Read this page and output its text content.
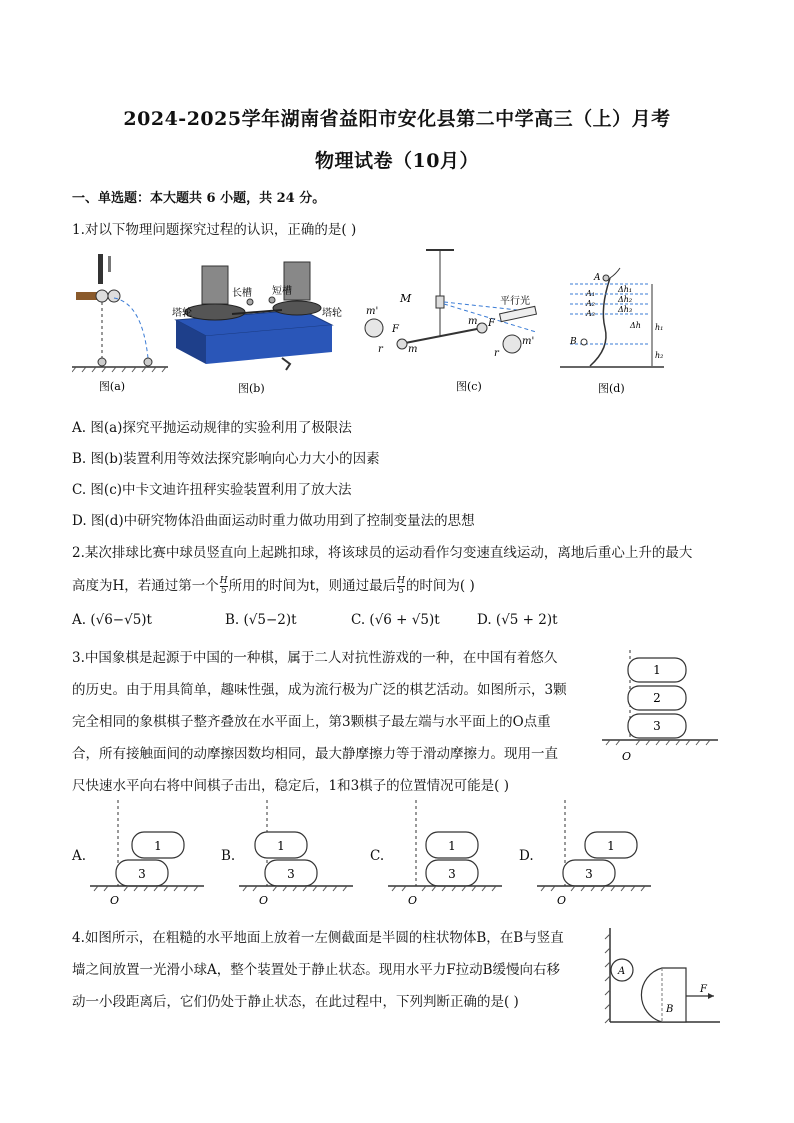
2024-2025学年湖南省益阳市安化县第二中学高三（上）月考
物理试卷（10月）
一、单选题：本大题共 6 小题，共 24 分。
1.对以下物理问题探究过程的认识，正确的是( )
图(a)
塔轮
长槽 短槽
塔轮
图(b)
M	平行光
m'
m'
F
F
r	r
m
m
图(c)
A
A₁
A₂
A₃
B
Δh₁
Δh₂
Δh₃
Δh h₁
h₂
图(d)
A. 图(a)探究平抛运动规律的实验利用了极限法
B. 图(b)装置利用等效法探究影响向心力大小的因素
C. 图(c)中卡文迪许扭秤实验装置利用了放大法
D. 图(d)中研究物体沿曲面运动时重力做功用到了控制变量法的思想
2.某次排球比赛中球员竖直向上起跳扣球，将该球员的运动看作匀变速直线运动，离地后重心上升的最大
高度为H，若通过第一个 $\frac{H}{5}$ 所用的时间为t，则通过最后 $\frac{H}{5}$ 的时间为( )
A. (√6−√5)t	B. (√5−2)t	C. (√6 + √5)t	D. (√5 + 2)t
3.中国象棋是起源于中国的一种棋，属于二人对抗性游戏的一种，在中国有着悠久
的历史。由于用具简单，趣味性强，成为流行极为广泛的棋艺活动。如图所示，3颗
完全相同的象棋棋子整齐叠放在水平面上，第3颗棋子最左端与水平面上的O点重
合，所有接触面间的动摩擦因数均相同，最大静摩擦力等于滑动摩擦力。现用一直
尺快速水平向右将中间棋子击出，稳定后，1和3棋子的位置情况可能是( )
1
2
3
O
A.
1
3
O
B.
1
3
O
C.
1
3
O
D.
1
3
O
4.如图所示，在粗糙的水平地面上放着一左侧截面是半圆的柱状物体B，在B与竖直
墙之间放置一光滑小球A，整个装置处于静止状态。现用水平力F拉动B缓慢向右移
动一小段距离后，它们仍处于静止状态，在此过程中，下列判断正确的是( )
A
B
F
